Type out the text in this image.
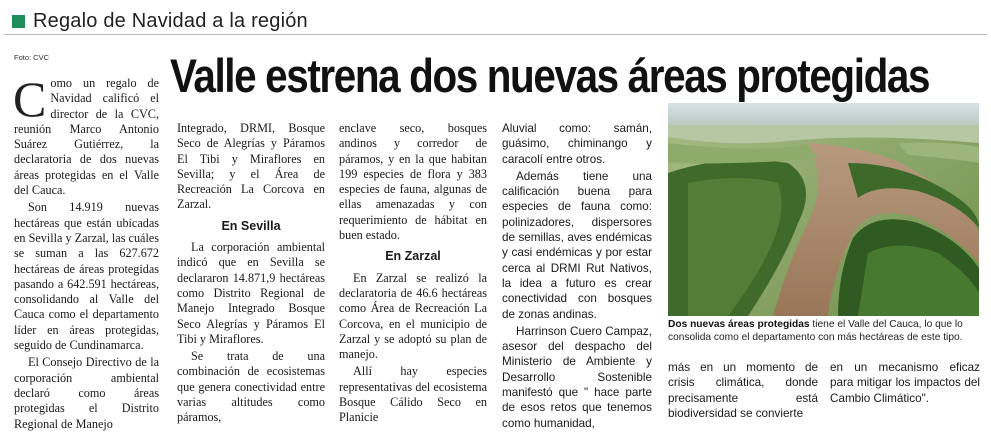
Regalo de Navidad a la región
Foto: CVC	Valle estrena dos nuevas áreas protegidas

Como un regalo de Navidad calificó el director de la CVC, reunión Marco Antonio Suárez Gutiérrez, la declaratoria de dos nuevas áreas protegidas en el Valle del Cauca.

Son 14.919 nuevas hectáreas que están ubicadas en Sevilla y Zarzal, las cuáles se suman a las 627.672 hectáreas de áreas protegidas pasando a 642.591 hectáreas, consolidando al Valle del Cauca como el departamento líder en áreas protegidas, seguido de Cundinamarca.

El Consejo Directivo de la corporación ambiental declaró como áreas protegidas el Distrito Regional de Manejo

Integrado, DRMI, Bosque Seco de Alegrías y Páramos El Tibi y Miraflores en Sevilla; y el Área de Recreación La Corcova en Zarzal.

En Sevilla

La corporación ambiental indicó que en Sevilla se declararon 14.871,9 hectáreas como Distrito Regional de Manejo Integrado Bosque Seco Alegrías y Páramos El Tibi y Miraflores.

Se trata de una combinación de ecosistemas que genera conectividad entre varias altitudes como páramos,

enclave seco, bosques andinos y corredor de páramos, y en la que habitan 199 especies de flora y 383 especies de fauna, algunas de ellas amenazadas y con requerimiento de hábitat en buen estado.

En Zarzal

En Zarzal se realizó la declaratoria de 46.6 hectáreas como Área de Recreación La Corcova, en el municipio de Zarzal y se adoptó su plan de manejo.

Allí hay especies representativas del ecosistema Bosque Cálido Seco en Planicie

Aluvial como: samán, guásimo, chiminango y caracolí entre otros.

Además tiene una calificación buena para especies de fauna como: polinizadores, dispersores de semillas, aves endémicas y casi endémicas y por estar cerca al DRMI Rut Nativos, la idea a futuro es crear conectividad con bosques de zonas andinas.

Harrinson Cuero Campaz, asesor del despacho del Ministerio de Ambiente y Desarrollo Sostenible manifestó que " hace parte de esos retos que tenemos como humanidad,

Dos nuevas áreas protegidas tiene el Valle del Cauca, lo que lo consolida como el departamento con más hectáreas de este tipo.

más en un momento de crisis climática, donde precisamente está biodiversidad se convierte

en un mecanismo eficaz para mitigar los impactos del Cambio Climático".
